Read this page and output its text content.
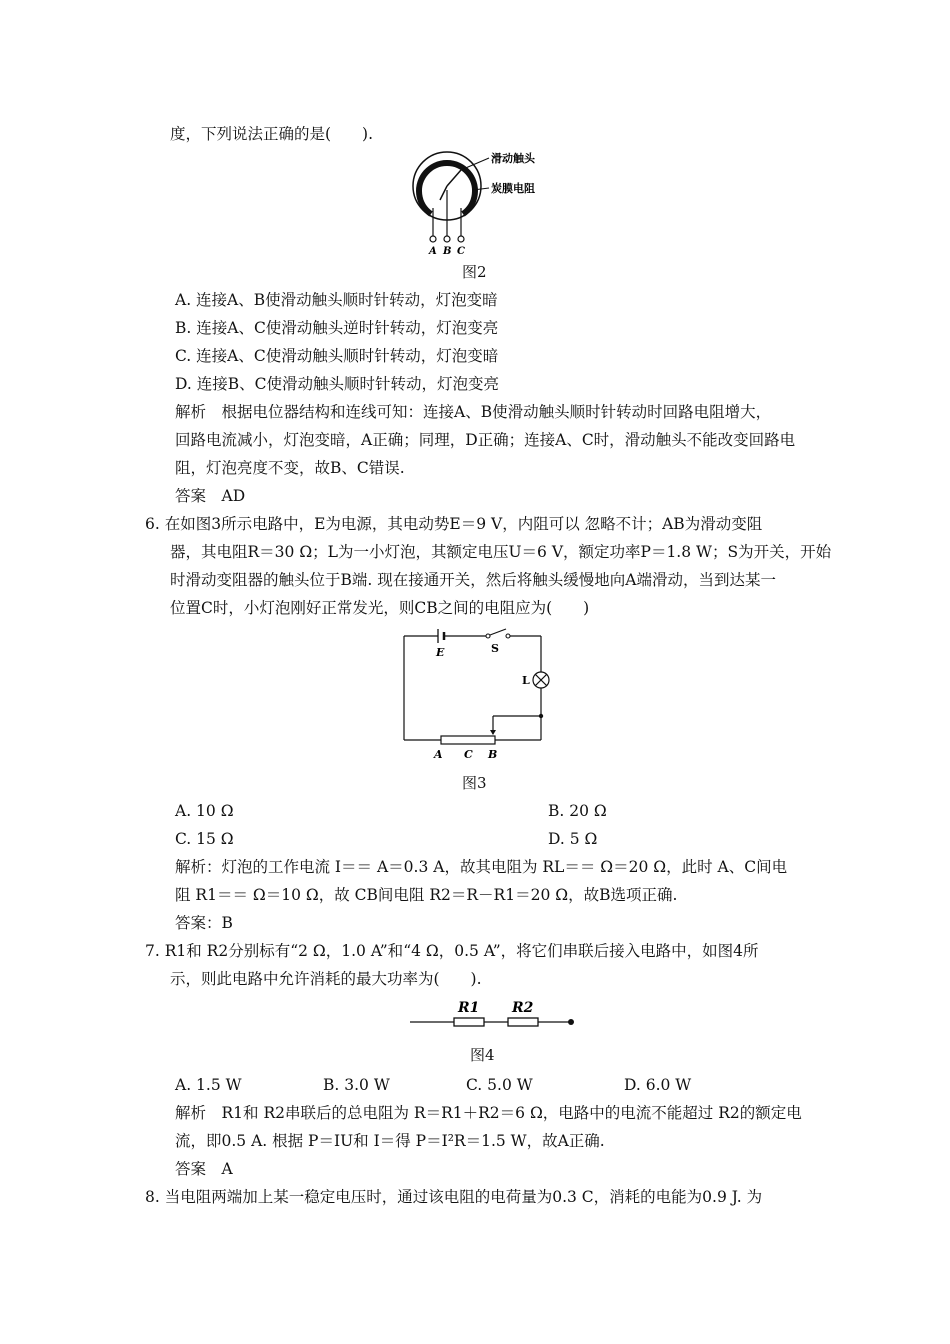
度，下列说法正确的是(　　).
滑动触头
炭膜电阻
A B C
图2
A. 连接A、B使滑动触头顺时针转动，灯泡变暗
B. 连接A、C使滑动触头逆时针转动，灯泡变亮
C. 连接A、C使滑动触头顺时针转动，灯泡变暗
D. 连接B、C使滑动触头顺时针转动，灯泡变亮
解析　根据电位器结构和连线可知：连接A、B使滑动触头顺时针转动时回路电阻增大，
回路电流减小，灯泡变暗，A正确；同理，D正确；连接A、C时，滑动触头不能改变回路电
阻，灯泡亮度不变，故B、C错误.
答案　AD
6. 在如图3所示电路中，E为电源，其电动势E＝9 V，内阻可以 忽略不计；AB为滑动变阻
器，其电阻R＝30 Ω；L为一小灯泡，其额定电压U＝6 V，额定功率P＝1.8 W；S为开关，开始
时滑动变阻器的触头位于B端. 现在接通开关，然后将触头缓慢地向A端滑动，当到达某一
位置C时，小灯泡刚好正常发光，则CB之间的电阻应为(　　)
E	S
L
A C B
图3
A. 10 Ω	B. 20 Ω
C. 15 Ω	D. 5 Ω
解析：灯泡的工作电流 I＝＝ A＝0.3 A，故其电阻为 RL＝＝ Ω＝20 Ω，此时 A、C间电
阻 R1＝＝ Ω＝10 Ω，故 CB间电阻 R2＝R－R1＝20 Ω，故B选项正确.
答案：B
7. R1和 R2分别标有“2 Ω，1.0 A”和“4 Ω，0.5 A”，将它们串联后接入电路中，如图4所
示，则此电路中允许消耗的最大功率为(　　).
R1 R2
图4
A. 1.5 W	B. 3.0 W	C. 5.0 W	D. 6.0 W
解析　R1和 R2串联后的总电阻为 R＝R1＋R2＝6 Ω，电路中的电流不能超过 R2的额定电
流，即0.5 A. 根据 P＝IU和 I＝得 P＝I²R＝1.5 W，故A正确.
答案　A
8. 当电阻两端加上某一稳定电压时，通过该电阻的电荷量为0.3 C，消耗的电能为0.9 J. 为
